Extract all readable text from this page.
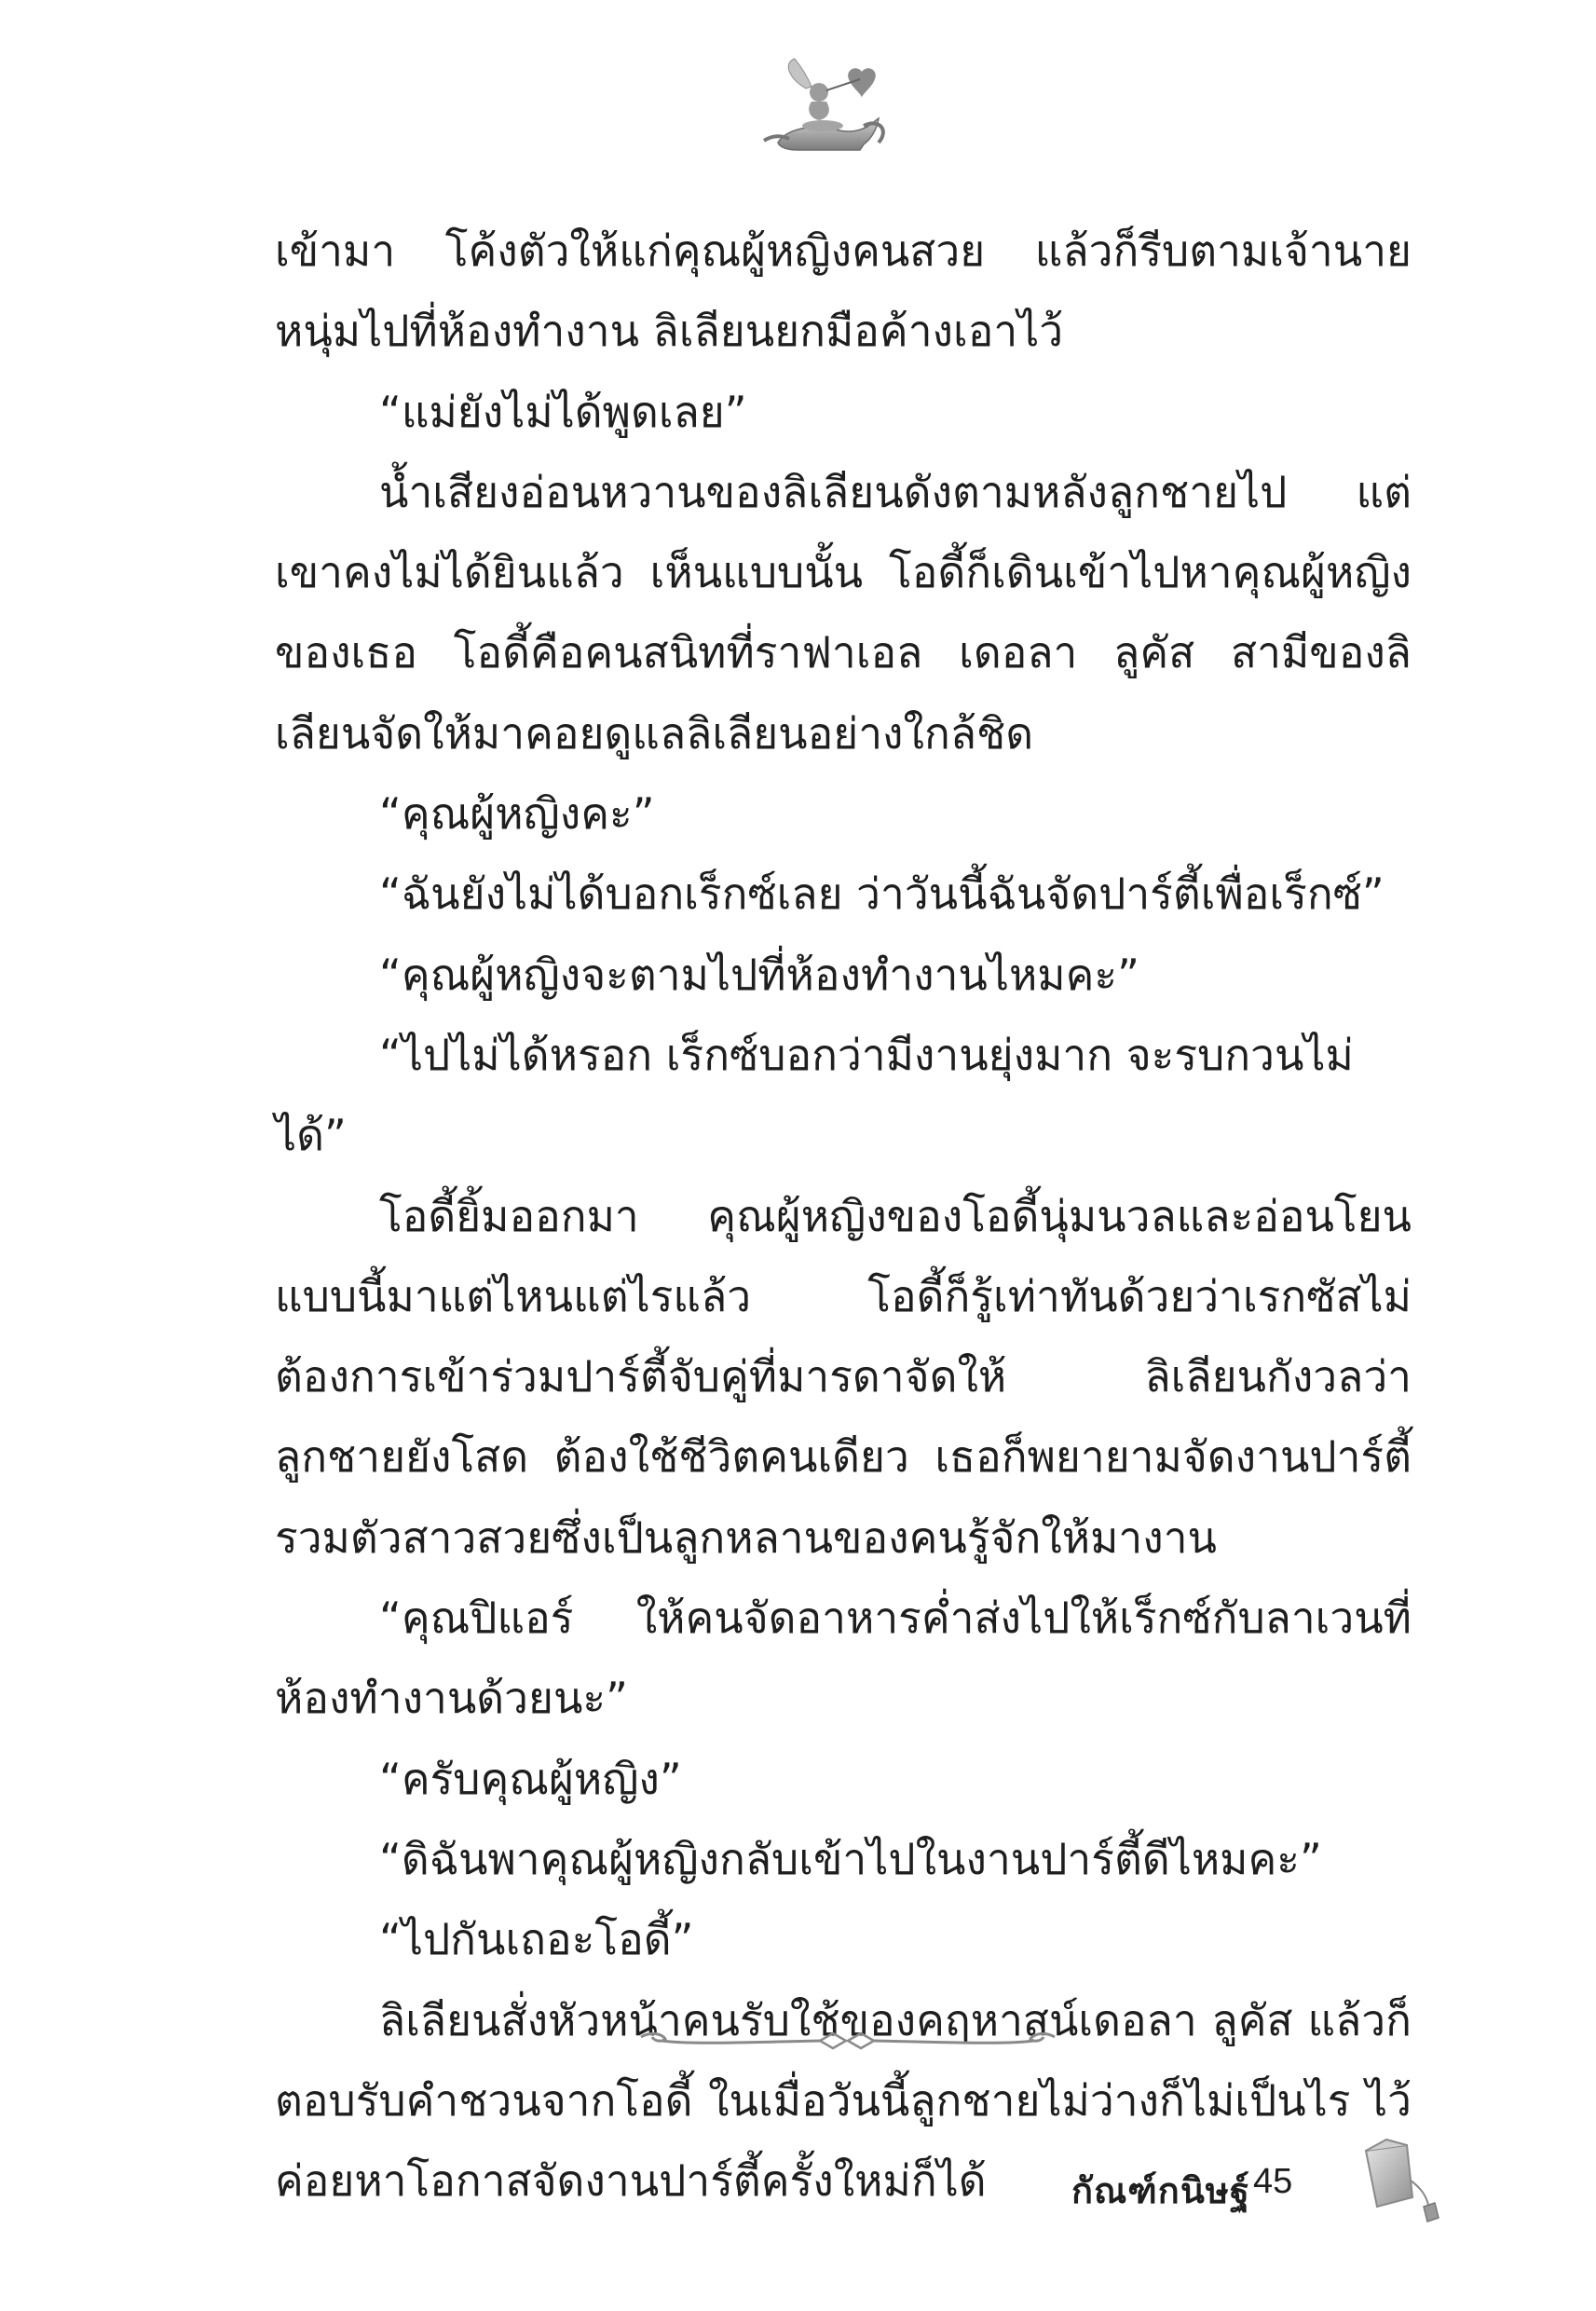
เข้ามา โค้งตัวให้แก่คุณผู้หญิงคนสวย แล้วก็รีบตามเจ้านายหนุ่มไปที่ห้องทำงาน ลิเลียนยกมือค้างเอาไว้

“แม่ยังไม่ได้พูดเลย”

น้ำเสียงอ่อนหวานของลิเลียนดังตามหลังลูกชายไป แต่เขาคงไม่ได้ยินแล้ว เห็นแบบนั้น โอดี้ก็เดินเข้าไปหาคุณผู้หญิงของเธอ โอดี้คือคนสนิทที่ราฟาเอล เดอลา ลูคัส สามีของลิเลียนจัดให้มาคอยดูแลลิเลียนอย่างใกล้ชิด

“คุณผู้หญิงคะ”

“ฉันยังไม่ได้บอกเร็กซ์เลย ว่าวันนี้ฉันจัดปาร์ตี้เพื่อเร็กซ์”

“คุณผู้หญิงจะตามไปที่ห้องทำงานไหมคะ”

“ไปไม่ได้หรอก เร็กซ์บอกว่ามีงานยุ่งมาก จะรบกวนไม่ได้”

โอดี้ยิ้มออกมา คุณผู้หญิงของโอดี้นุ่มนวลและอ่อนโยนแบบนี้มาแต่ไหนแต่ไรแล้ว โอดี้ก็รู้เท่าทันด้วยว่าเรกซัสไม่ต้องการเข้าร่วมปาร์ตี้จับคู่ที่มารดาจัดให้ ลิเลียนกังวลว่าลูกชายยังโสด ต้องใช้ชีวิตคนเดียว เธอก็พยายามจัดงานปาร์ตี้ รวมตัวสาวสวยซึ่งเป็นลูกหลานของคนรู้จักให้มางาน

“คุณปิแอร์ ให้คนจัดอาหารค่ำส่งไปให้เร็กซ์กับลาเวนที่ห้องทำงานด้วยนะ”

“ครับคุณผู้หญิง”

“ดิฉันพาคุณผู้หญิงกลับเข้าไปในงานปาร์ตี้ดีไหมคะ”

“ไปกันเถอะโอดี้”

ลิเลียนสั่งหัวหน้าคนรับใช้ของคฤหาสน์เดอลา ลูคัส แล้วก็ตอบรับคำชวนจากโอดี้ ในเมื่อวันนี้ลูกชายไม่ว่างก็ไม่เป็นไร ไว้ค่อยหาโอกาสจัดงานปาร์ตี้ครั้งใหม่ก็ได้	กัณฑ์กนิษฐ์ 45
